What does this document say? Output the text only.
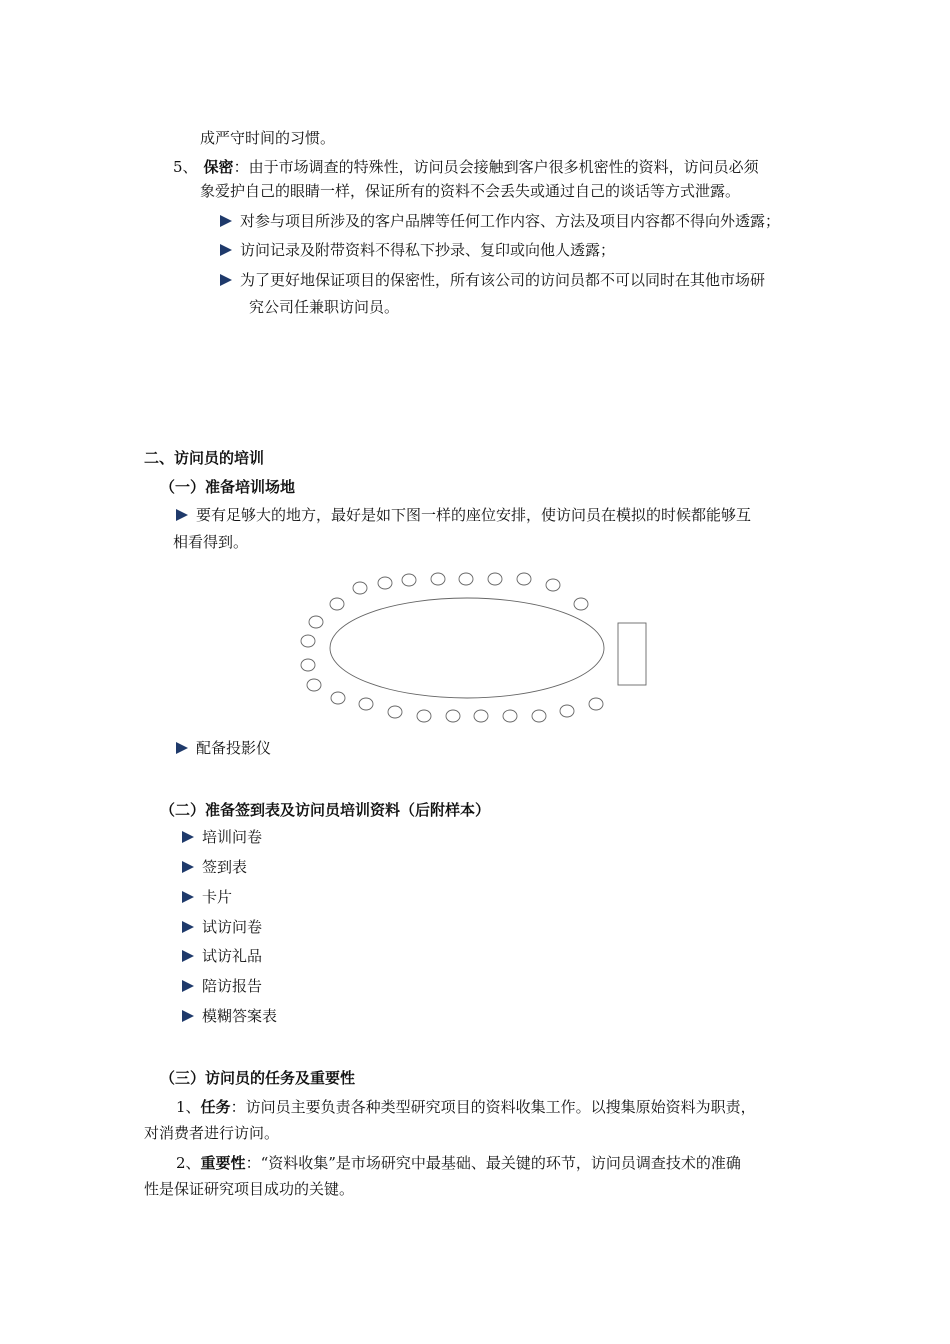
成严守时间的习惯。
5、 保密：由于市场调查的特殊性，访问员会接触到客户很多机密性的资料，访问员必须
象爱护自己的眼睛一样，保证所有的资料不会丢失或通过自己的谈话等方式泄露。
对参与项目所涉及的客户品牌等任何工作内容、方法及项目内容都不得向外透露；
访问记录及附带资料不得私下抄录、复印或向他人透露；
为了更好地保证项目的保密性，所有该公司的访问员都不可以同时在其他市场研
究公司任兼职访问员。
二、访问员的培训
（一）准备培训场地
要有足够大的地方，最好是如下图一样的座位安排，使访问员在模拟的时候都能够互
相看得到。
配备投影仪
（二）准备签到表及访问员培训资料（后附样本）
培训问卷
签到表
卡片
试访问卷
试访礼品
陪访报告
模糊答案表
（三）访问员的任务及重要性
1、任务：访问员主要负责各种类型研究项目的资料收集工作。以搜集原始资料为职责，
对消费者进行访问。
2、重要性：“资料收集”是市场研究中最基础、最关键的环节，访问员调查技术的准确
性是保证研究项目成功的关键。
